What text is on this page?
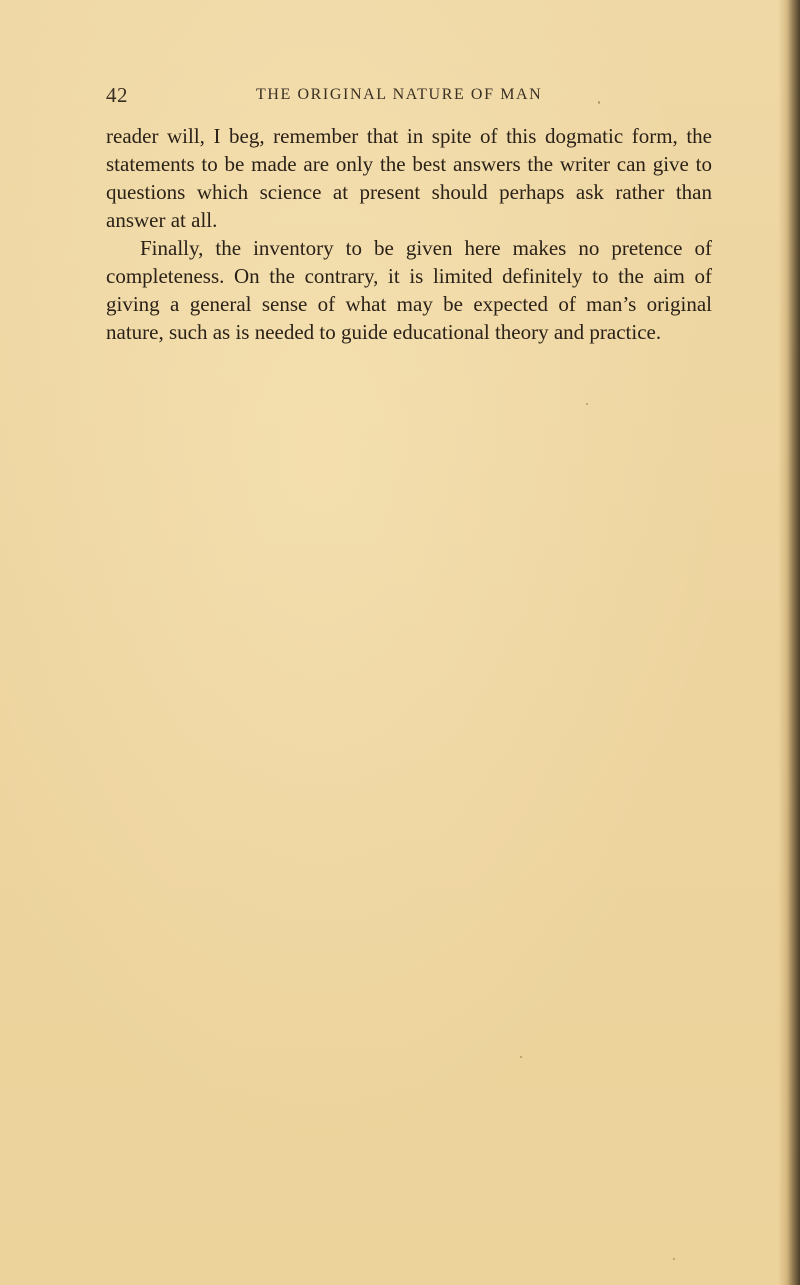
42	THE ORIGINAL NATURE OF MAN

reader will, I beg, remember that in spite of this dogmatic form, the statements to be made are only the best answers the writer can give to questions which science at present should perhaps ask rather than answer at all.

Finally, the inventory to be given here makes no pretence of completeness. On the contrary, it is limited definitely to the aim of giving a general sense of what may be expected of man’s original nature, such as is needed to guide educational theory and practice.
